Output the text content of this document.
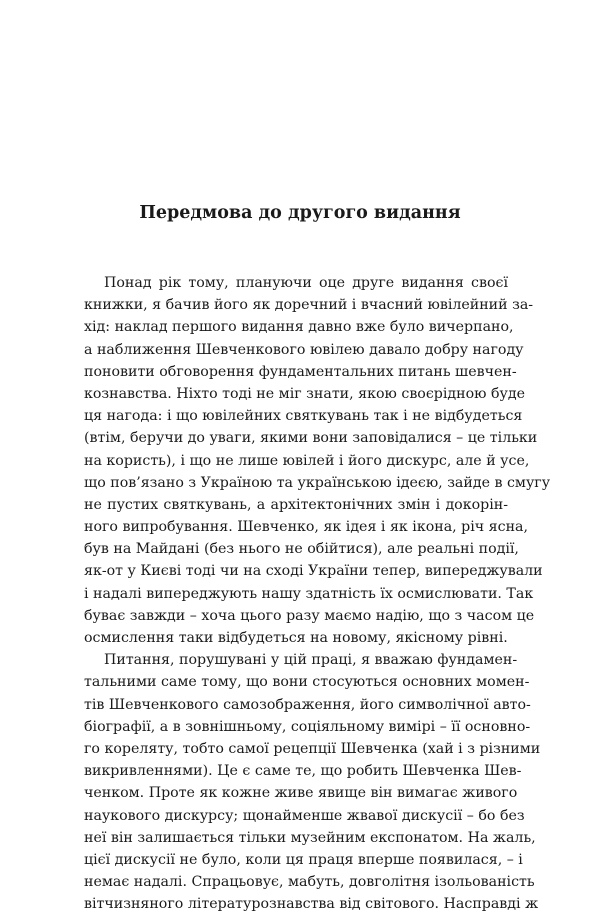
Передмова до другого видання

Понад рік тому, плануючи оце друге видання своєї
книжки, я бачив його як доречний і вчасний ювілейний за-
хід: наклад першого видання давно вже було вичерпано,
а наближення Шевченкового ювілею давало добру нагоду
поновити обговорення фундаментальних питань шевчен-
кознавства. Ніхто тоді не міг знати, якою своєрідною буде
ця нагода: і що ювілейних святкувань так і не відбудеться
(втім, беручи до уваги, якими вони заповідалися – це тільки
на користь), і що не лише ювілей і його дискурс, але й усе,
що пов’язано з Україною та українською ідеєю, зайде в смугу
не пустих святкувань, а архітектонічних змін і докорін-
ного випробування. Шевченко, як ідея і як ікона, річ ясна,
був на Майдані (без нього не обійтися), але реальні події,
як-от у Києві тоді чи на сході України тепер, випереджували
і надалі випереджують нашу здатність їх осмислювати. Так
буває завжди – хоча цього разу маємо надію, що з часом це
осмислення таки відбудеться на новому, якісному рівні.

Питання, порушувані у цій праці, я вважаю фундамен-
тальними саме тому, що вони стосуються основних момен-
тів Шевченкового самозображення, його символічної авто-
біографії, а в зовнішньому, соціяльному вимірі – її основно-
го кореляту, тобто самої рецепції Шевченка (хай і з різними
викривленнями). Це є саме те, що робить Шевченка Шев-
ченком. Проте як кожне живе явище він вимагає живого
наукового дискурсу; щонайменше жвавої дискусії – бо без
неї він залишається тільки музейним експонатом. На жаль,
цієї дискусії не було, коли ця праця вперше появилася, – і
немає надалі. Спрацьовує, мабуть, довголітня ізольованість
вітчизняного літературознавства від світового. Насправді ж
